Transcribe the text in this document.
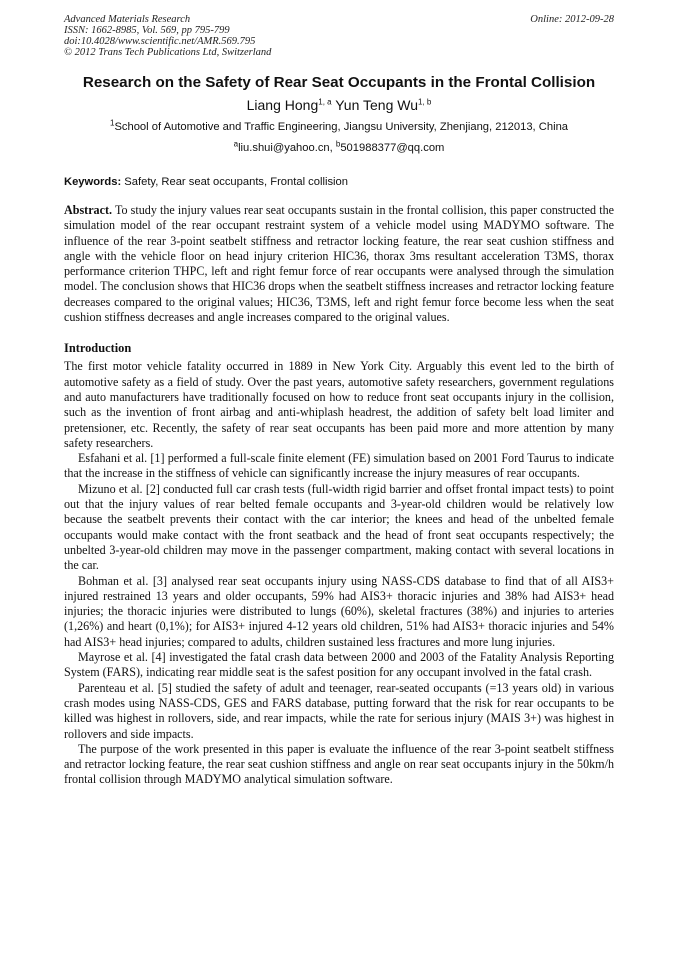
Advanced Materials Research
ISSN: 1662-8985, Vol. 569, pp 795-799
doi:10.4028/www.scientific.net/AMR.569.795
© 2012 Trans Tech Publications Ltd, Switzerland
Online: 2012-09-28
Research on the Safety of Rear Seat Occupants in the Frontal Collision
Liang Hong$^{1, a}$ Yun Teng Wu$^{1, b}$
$^1$School of Automotive and Traffic Engineering, Jiangsu University, Zhenjiang, 212013, China
$^a$liu.shui@yahoo.cn, $^b$501988377@qq.com
Keywords: Safety, Rear seat occupants, Frontal collision
Abstract. To study the injury values rear seat occupants sustain in the frontal collision, this paper constructed the simulation model of the rear occupant restraint system of a vehicle model using MADYMO software. The influence of the rear 3-point seatbelt stiffness and retractor locking feature, the rear seat cushion stiffness and angle with the vehicle floor on head injury criterion HIC36, thorax 3ms resultant acceleration T3MS, thorax performance criterion THPC, left and right femur force of rear occupants were analysed through the simulation model. The conclusion shows that HIC36 drops when the seatbelt stiffness increases and retractor locking feature decreases compared to the original values; HIC36, T3MS, left and right femur force become less when the seat cushion stiffness decreases and angle increases compared to the original values.
Introduction

The first motor vehicle fatality occurred in 1889 in New York City. Arguably this event led to the birth of automotive safety as a field of study. Over the past years, automotive safety researchers, government regulations and auto manufacturers have traditionally focused on how to reduce front seat occupants injury in the collision, such as the invention of front airbag and anti-whiplash headrest, the addition of safety belt load limiter and pretensioner, etc. Recently, the safety of rear seat occupants has been paid more and more attention by many safety researchers.

Esfahani et al. [1] performed a full-scale finite element (FE) simulation based on 2001 Ford Taurus to indicate that the increase in the stiffness of vehicle can significantly increase the injury measures of rear occupants.

Mizuno et al. [2] conducted full car crash tests (full-width rigid barrier and offset frontal impact tests) to point out that the injury values of rear belted female occupants and 3-year-old children would be relatively low because the seatbelt prevents their contact with the car interior; the knees and head of the unbelted female occupants would make contact with the front seatback and the head of front seat occupants respectively; the unbelted 3-year-old children may move in the passenger compartment, making contact with several locations in the car.

Bohman et al. [3] analysed rear seat occupants injury using NASS-CDS database to find that of all AIS3+ injured restrained 13 years and older occupants, 59% had AIS3+ thoracic injuries and 38% had AIS3+ head injuries; the thoracic injuries were distributed to lungs (60%), skeletal fractures (38%) and injuries to arteries (1,26%) and heart (0,1%); for AIS3+ injured 4-12 years old children, 51% had AIS3+ thoracic injuries and 54% had AIS3+ head injuries; compared to adults, children sustained less fractures and more lung injuries.

Mayrose et al. [4] investigated the fatal crash data between 2000 and 2003 of the Fatality Analysis Reporting System (FARS), indicating rear middle seat is the safest position for any occupant involved in the fatal crash.

Parenteau et al. [5] studied the safety of adult and teenager, rear-seated occupants (=13 years old) in various crash modes using NASS-CDS, GES and FARS database, putting forward that the risk for rear occupants to be killed was highest in rollovers, side, and rear impacts, while the rate for serious injury (MAIS 3+) was highest in rollovers and side impacts.

The purpose of the work presented in this paper is evaluate the influence of the rear 3-point seatbelt stiffness and retractor locking feature, the rear seat cushion stiffness and angle on rear seat occupants injury in the 50km/h frontal collision through MADYMO analytical simulation software.
